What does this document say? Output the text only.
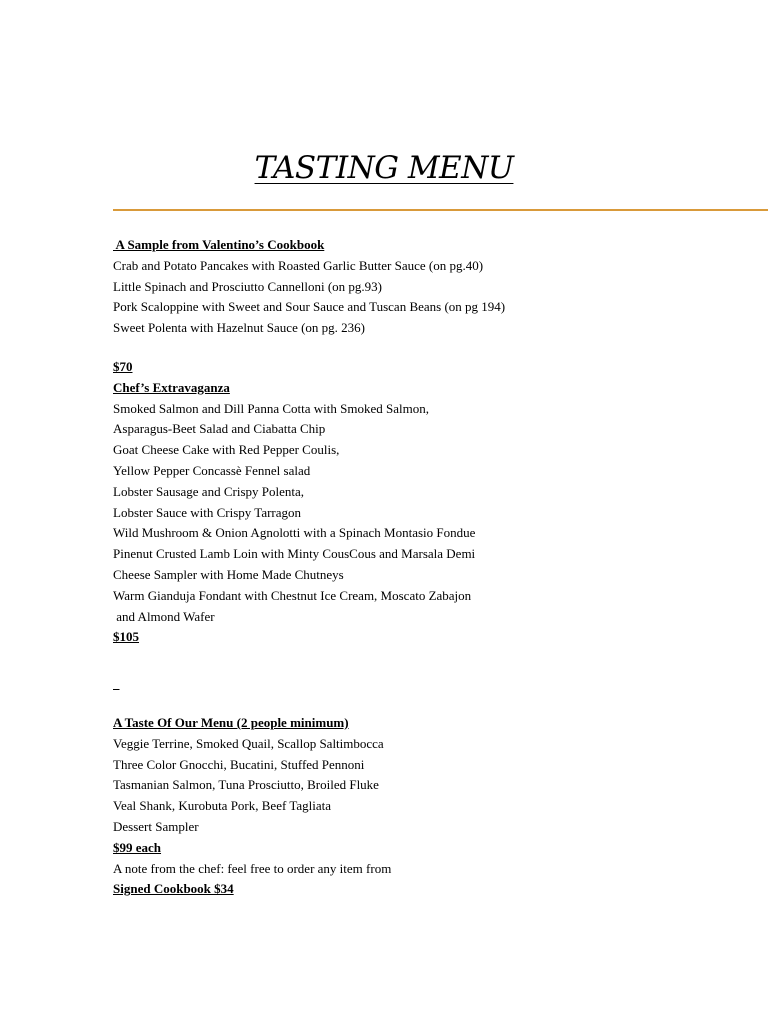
TASTING MENU
A Sample from Valentino’s Cookbook
Crab and Potato Pancakes with Roasted Garlic Butter Sauce (on pg.40)
Little Spinach and Prosciutto Cannelloni (on pg.93)
Pork Scaloppine with Sweet and Sour Sauce and Tuscan Beans (on pg 194)
Sweet Polenta with Hazelnut Sauce (on pg. 236)
$70
Chef’s Extravaganza
Smoked Salmon and Dill Panna Cotta with Smoked Salmon,
Asparagus-Beet Salad and Ciabatta Chip
Goat Cheese Cake with Red Pepper Coulis,
Yellow Pepper Concassè Fennel salad
Lobster Sausage and Crispy Polenta,
Lobster Sauce with Crispy Tarragon
Wild Mushroom & Onion Agnolotti with a Spinach Montasio Fondue
Pinenut Crusted Lamb Loin with Minty CousCous and Marsala Demi
Cheese Sampler with Home Made Chutneys
Warm Gianduja Fondant with Chestnut Ice Cream, Moscato Zabajon
and Almond Wafer
$105

A Taste Of Our Menu (2 people minimum)
Veggie Terrine, Smoked Quail, Scallop Saltimbocca
Three Color Gnocchi, Bucatini, Stuffed Pennoni
Tasmanian Salmon, Tuna Prosciutto, Broiled Fluke
Veal Shank, Kurobuta Pork, Beef Tagliata
Dessert Sampler
$99 each
A note from the chef: feel free to order any item from
Signed Cookbook $34
